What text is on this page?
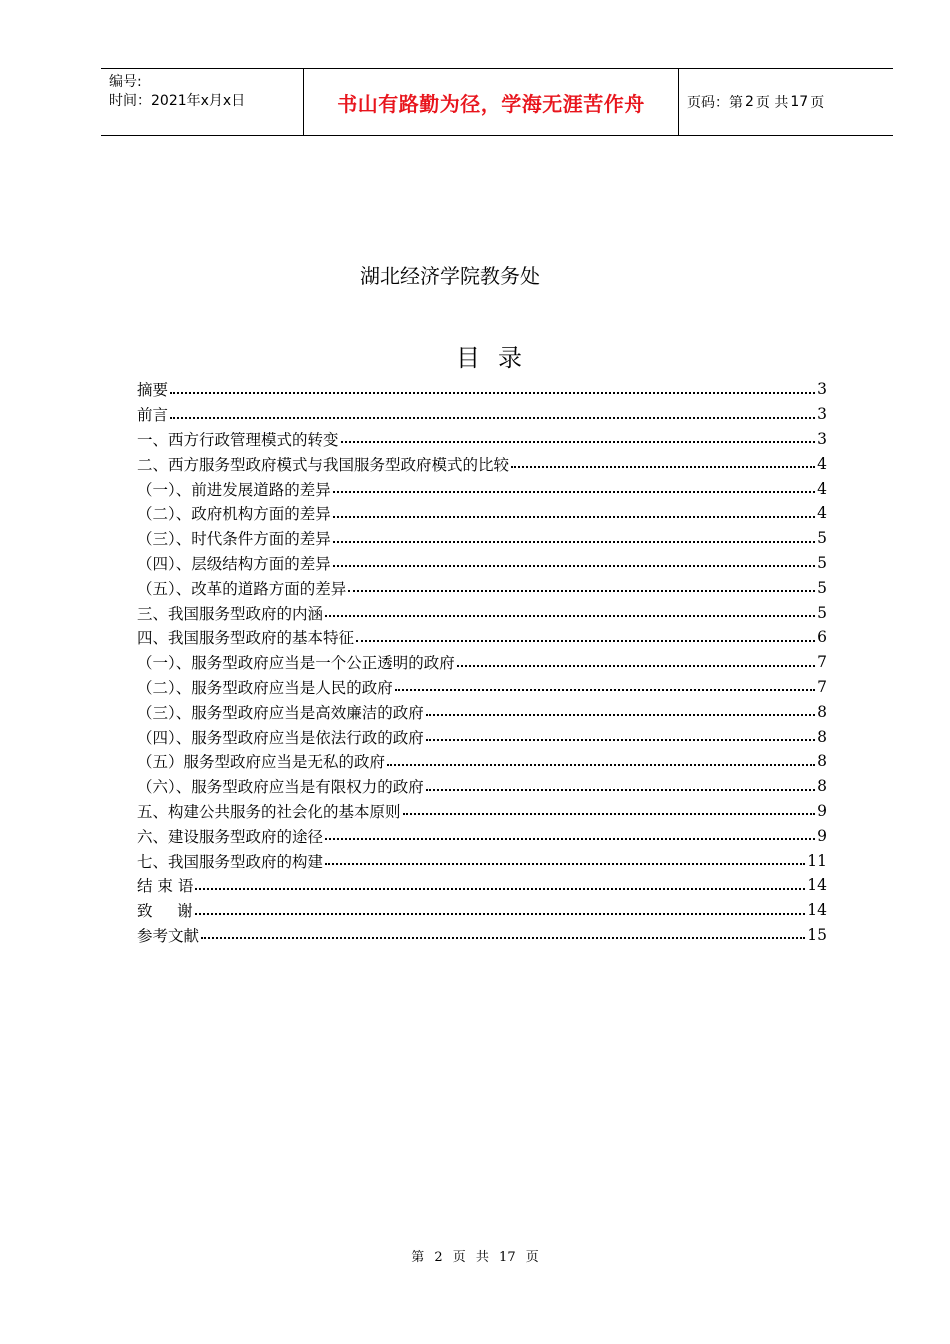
编号:
时间：2021年x月x日	书山有路勤为径，学海无涯苦作舟	页码：第 2 页 共 17 页
湖北经济学院教务处
目录
摘要	3
前言	3
一、西方行政管理模式的转变	3
二、西方服务型政府模式与我国服务型政府模式的比较	4
（一）、前进发展道路的差异	4
（二）、政府机构方面的差异	4
（三）、时代条件方面的差异	5
（四）、层级结构方面的差异	5
（五）、改革的道路方面的差异	5
三、我国服务型政府的内涵	5
四、我国服务型政府的基本特征	6
（一）、服务型政府应当是一个公正透明的政府	7
（二）、服务型政府应当是人民的政府	7
（三）、服务型政府应当是高效廉洁的政府	8
（四）、服务型政府应当是依法行政的政府	8
（五）服务型政府应当是无私的政府	8
（六）、服务型政府应当是有限权力的政府	8
五、构建公共服务的社会化的基本原则	9
六、建设服务型政府的途径	9
七、我国服务型政府的构建	11
结 束 语	14
致     谢	14
参考文献	15
第 2 页 共 17 页
